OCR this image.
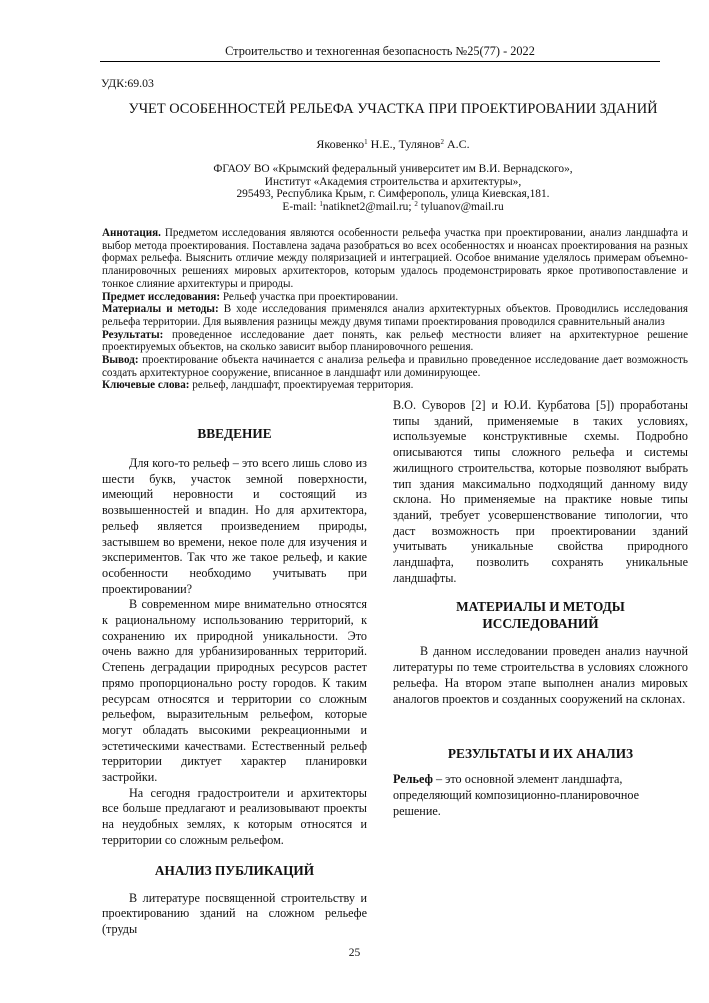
Строительство и техногенная безопасность №25(77) - 2022
УДК:69.03
УЧЕТ ОСОБЕННОСТЕЙ РЕЛЬЕФА УЧАСТКА ПРИ ПРОЕКТИРОВАНИИ ЗДАНИЙ
Яковенко$^1$ Н.Е., Тулянов$^2$ А.С.
ФГАОУ ВО «Крымский федеральный университет им В.И. Вернадского»,
Институт «Академия строительства и архитектуры»,
295493, Республика Крым, г. Симферополь, улица Киевская,181.
E-mail: $^1$natiknet2@mail.ru; $^2$ tyluanov@mail.ru

Аннотация. Предметом исследования являются особенности рельефа участка при проектировании, анализ ландшафта и выбор метода проектирования. Поставлена задача разобраться во всех особенностях и нюансах проектирования на разных формах рельефа. Выяснить отличие между поляризацией и интеграцией. Особое внимание уделялось примерам объемно-планировочных решениях мировых архитекторов, которым удалось продемонстрировать яркое противопоставление и тонкое слияние архитектуры и природы.

Предмет исследования: Рельеф участка при проектировании.

Материалы и методы: В ходе исследования применялся анализ архитектурных объектов. Проводились исследования рельефа территории. Для выявления разницы между двумя типами проектирования проводился сравнительный анализ

Результаты: проведенное исследование дает понять, как рельеф местности влияет на архитектурное решение проектируемых объектов, на сколько зависит выбор планировочного решения.

Вывод: проектирование объекта начинается с анализа рельефа и правильно проведенное исследование дает возможность создать архитектурное сооружение, вписанное в ландшафт или доминирующее.

Ключевые слова: рельеф, ландшафт, проектируемая территория.

ВВЕДЕНИЕ

Для кого-то рельеф – это всего лишь слово из шести букв, участок земной поверхности, имеющий неровности и состоящий из возвышенностей и впадин. Но для архитектора, рельеф является произведением природы, застывшем во времени, некое поле для изучения и экспериментов. Так что же такое рельеф, и какие особенности необходимо учитывать при проектировании?

В современном мире внимательно относятся к рациональному использованию территорий, к сохранению их природной уникальности. Это очень важно для урбанизированных территорий. Степень деградации природных ресурсов растет прямо пропорционально росту городов. К таким ресурсам относятся и территории со сложным рельефом, выразительным рельефом, которые могут обладать высокими рекреационными и эстетическими качествами. Естественный рельеф территории диктует характер планировки застройки.

На сегодня градостроители и архитекторы все больше предлагают и реализовывают проекты на неудобных землях, к которым относятся и территории со сложным рельефом.

АНАЛИЗ ПУБЛИКАЦИЙ

В литературе посвященной строительству и проектированию зданий на сложном рельефе (труды

В.О. Суворов [2] и Ю.И. Курбатова [5]) проработаны типы зданий, применяемые в таких условиях, используемые конструктивные схемы. Подробно описываются типы сложного рельефа и системы жилищного строительства, которые позволяют выбрать тип здания максимально подходящий данному виду склона. Но применяемые на практике новые типы зданий, требует усовершенствование типологии, что даст возможность при проектировании зданий учитывать уникальные свойства природного ландшафта, позволить сохранять уникальные ландшафты.

МАТЕРИАЛЫ И МЕТОДЫ
ИССЛЕДОВАНИЙ

В данном исследовании проведен анализ научной литературы по теме строительства в условиях сложного рельефа. На втором этапе выполнен анализ мировых аналогов проектов и созданных сооружений на склонах.

РЕЗУЛЬТАТЫ И ИХ АНАЛИЗ

Рельеф – это основной элемент ландшафта, определяющий композиционно-планировочное решение.

25
